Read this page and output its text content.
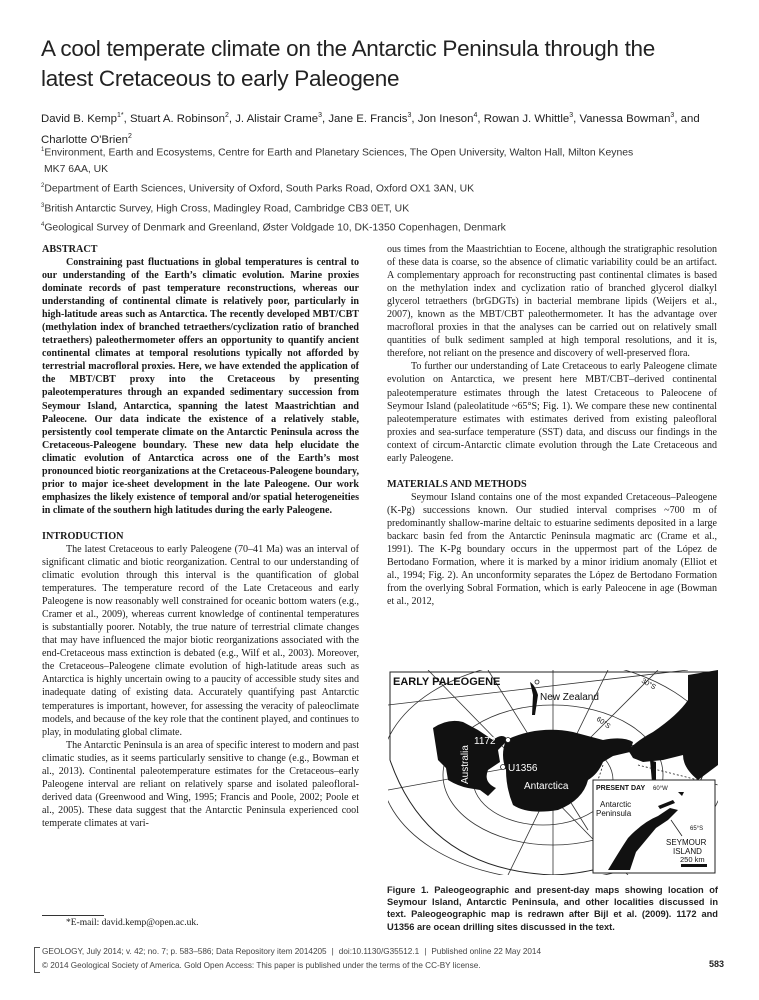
A cool temperate climate on the Antarctic Peninsula through the
latest Cretaceous to early Paleogene
David B. Kemp$^{1*}$, Stuart A. Robinson$^2$, J. Alistair Crame$^3$, Jane E. Francis$^3$, Jon Ineson$^4$, Rowan J. Whittle$^3$, Vanessa Bowman$^3$, and Charlotte O'Brien$^2$
$^1$Environment, Earth and Ecosystems, Centre for Earth and Planetary Sciences, The Open University, Walton Hall, Milton Keynes
MK7 6AA, UK
$^2$Department of Earth Sciences, University of Oxford, South Parks Road, Oxford OX1 3AN, UK
$^3$British Antarctic Survey, High Cross, Madingley Road, Cambridge CB3 0ET, UK
$^4$Geological Survey of Denmark and Greenland, Øster Voldgade 10, DK-1350 Copenhagen, Denmark
ABSTRACT

Constraining past fluctuations in global temperatures is central to our understanding of the Earth’s climatic evolution. Marine proxies dominate records of past temperature reconstructions, whereas our understanding of continental climate is relatively poor, particularly in high-latitude areas such as Antarctica. The recently developed MBT/CBT (methylation index of branched tetraethers/cyclization ratio of branched tetraethers) paleothermometer offers an opportunity to quantify ancient continental climates at temporal resolutions typically not afforded by terrestrial macrofloral proxies. Here, we have extended the application of the MBT/CBT proxy into the Cretaceous by presenting paleotemperatures through an expanded sedimentary succession from Seymour Island, Antarctica, spanning the latest Maastrichtian and Paleocene. Our data indicate the existence of a relatively stable, persistently cool temperate climate on the Antarctic Peninsula across the Cretaceous-Paleogene boundary. These new data help elucidate the climatic evolution of Antarctica across one of the Earth’s most pronounced biotic reorganizations at the Cretaceous-Paleogene boundary, prior to major ice-sheet development in the late Paleogene. Our work emphasizes the likely existence of temporal and/or spatial heterogeneities in climate of the southern high latitudes during the early Paleogene.

INTRODUCTION

The latest Cretaceous to early Paleogene (70–41 Ma) was an interval of significant climatic and biotic reorganization. Central to our understanding of climatic evolution through this interval is the quantification of global temperatures. The temperature record of the Late Cretaceous and early Paleogene is now reasonably well constrained for oceanic bottom waters (e.g., Cramer et al., 2009), whereas current knowledge of continental temperatures is substantially poorer. Notably, the true nature of terrestrial climate changes that may have influenced the major biotic reorganizations associated with the end-Cretaceous mass extinction is debated (e.g., Wilf et al., 2003). Moreover, the Cretaceous–Paleogene climate evolution of high-latitude areas such as Antarctica is highly uncertain owing to a paucity of accessible study sites and inadequate dating of existing data. Accurately quantifying past Antarctic temperatures is important, however, for assessing the veracity of paleoclimate models, and because of the key role that the continent played, and continues to play, in modulating global climate.

The Antarctic Peninsula is an area of specific interest to modern and past climatic studies, as it seems particularly sensitive to change (e.g., Bowman et al., 2013). Continental paleotemperature estimates for the Cretaceous–early Paleogene interval are reliant on relatively sparse and isolated paleofloral-derived data (Greenwood and Wing, 1995; Francis and Poole, 2002; Poole et al., 2005). These data suggest that the Antarctic Peninsula experienced cool temperate climates at vari-

*E-mail: david.kemp@open.ac.uk.

ous times from the Maastrichtian to Eocene, although the stratigraphic resolution of these data is coarse, so the absence of climatic variability could be an artifact. A complementary approach for reconstructing past continental climates is based on the methylation index and cyclization ratio of branched glycerol dialkyl glycerol tetraethers (brGDGTs) in bacterial membrane lipids (Weijers et al., 2007), known as the MBT/CBT paleothermometer. It has the advantage over macrofloral proxies in that the analyses can be carried out on relatively small quantities of bulk sediment sampled at high temporal resolutions, and it is, therefore, not reliant on the presence and discovery of well-preserved flora.

To further our understanding of Late Cretaceous to early Paleogene climate evolution on Antarctica, we present here MBT/CBT–derived continental paleotemperature estimates through the latest Cretaceous to Paleocene of Seymour Island (paleolatitude ~65°S; Fig. 1). We compare these new continental paleotemperature estimates with estimates derived from existing paleofloral proxies and sea-surface temperature (SST) data, and discuss our findings in the context of circum-Antarctic climate evolution through the Late Cretaceous and early Paleogene.

MATERIALS AND METHODS

Seymour Island contains one of the most expanded Cretaceous–Paleogene (K-Pg) successions known. Our studied interval comprises ~700 m of predominantly shallow-marine deltaic to estuarine sediments deposited in a large backarc basin fed from the Antarctic Peninsula magmatic arc (Crame et al., 1991). The K-Pg boundary occurs in the uppermost part of the López de Bertodano Formation, where it is marked by a minor iridium anomaly (Elliot et al., 1994; Fig. 2). An unconformity separates the López de Bertodano Formation from the overlying Sobral Formation, which is early Paleocene in age (Bowman et al., 2012,

EARLY PALEOGENE
New Zealand
Australia
1172
U1356
Antarctica
30°S
60°S
PRESENT DAY 60°W
Antarctic
Peninsula
65°S
SEYMOUR
ISLAND
250 km
Figure 1. Paleogeographic and present-day maps showing location of Seymour Island, Antarctic Peninsula, and other localities discussed in text. Paleogeographic map is redrawn after Bijl et al. (2009). 1172 and U1356 are ocean drilling sites discussed in the text.
GEOLOGY, July 2014; v. 42; no. 7; p. 583–586; Data Repository item 2014205 | doi:10.1130/G35512.1 | Published online 22 May 2014
© 2014 Geological Society of America. Gold Open Access: This paper is published under the terms of the CC-BY license.	583
